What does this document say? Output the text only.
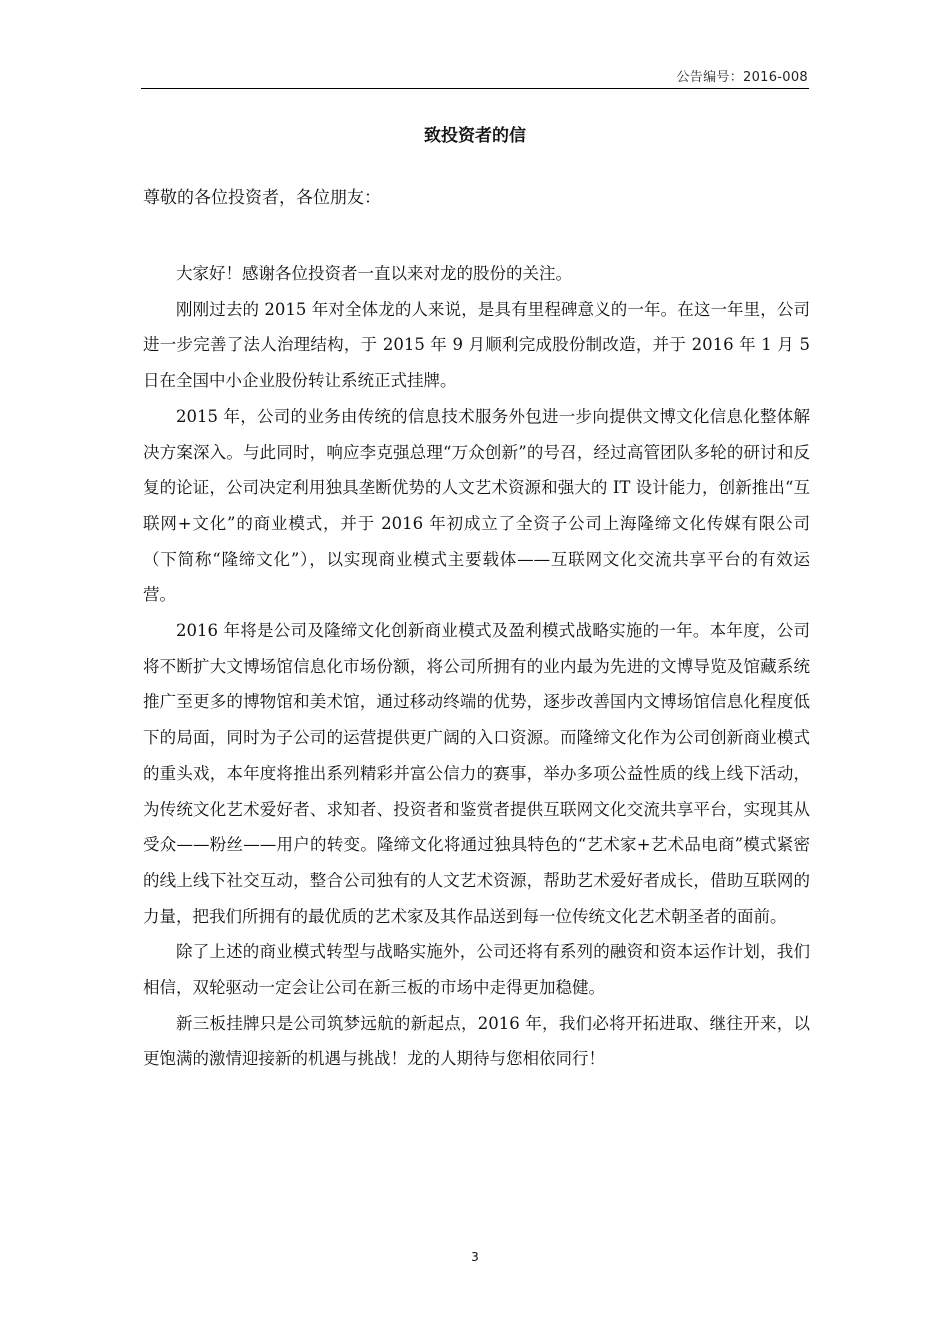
公告编号：2016-008
致投资者的信
尊敬的各位投资者，各位朋友：

大家好！感谢各位投资者一直以来对龙的股份的关注。

刚刚过去的 2015 年对全体龙的人来说，是具有里程碑意义的一年。在这一年里，公司进一步完善了法人治理结构，于 2015 年 9 月顺利完成股份制改造，并于 2016 年 1 月 5 日在全国中小企业股份转让系统正式挂牌。

2015 年，公司的业务由传统的信息技术服务外包进一步向提供文博文化信息化整体解决方案深入。与此同时，响应李克强总理“万众创新”的号召，经过高管团队多轮的研讨和反复的论证，公司决定利用独具垄断优势的人文艺术资源和强大的 IT 设计能力，创新推出“互联网+文化”的商业模式，并于 2016 年初成立了全资子公司上海隆缔文化传媒有限公司（下简称“隆缔文化”），以实现商业模式主要载体——互联网文化交流共享平台的有效运营。

2016 年将是公司及隆缔文化创新商业模式及盈利模式战略实施的一年。本年度，公司将不断扩大文博场馆信息化市场份额，将公司所拥有的业内最为先进的文博导览及馆藏系统推广至更多的博物馆和美术馆，通过移动终端的优势，逐步改善国内文博场馆信息化程度低下的局面，同时为子公司的运营提供更广阔的入口资源。而隆缔文化作为公司创新商业模式的重头戏，本年度将推出系列精彩并富公信力的赛事，举办多项公益性质的线上线下活动，为传统文化艺术爱好者、求知者、投资者和鉴赏者提供互联网文化交流共享平台，实现其从受众——粉丝——用户的转变。隆缔文化将通过独具特色的“艺术家+艺术品电商”模式紧密的线上线下社交互动，整合公司独有的人文艺术资源，帮助艺术爱好者成长，借助互联网的力量，把我们所拥有的最优质的艺术家及其作品送到每一位传统文化艺术朝圣者的面前。

除了上述的商业模式转型与战略实施外，公司还将有系列的融资和资本运作计划，我们相信，双轮驱动一定会让公司在新三板的市场中走得更加稳健。

新三板挂牌只是公司筑梦远航的新起点，2016 年，我们必将开拓进取、继往开来，以更饱满的激情迎接新的机遇与挑战！龙的人期待与您相依同行！

3
